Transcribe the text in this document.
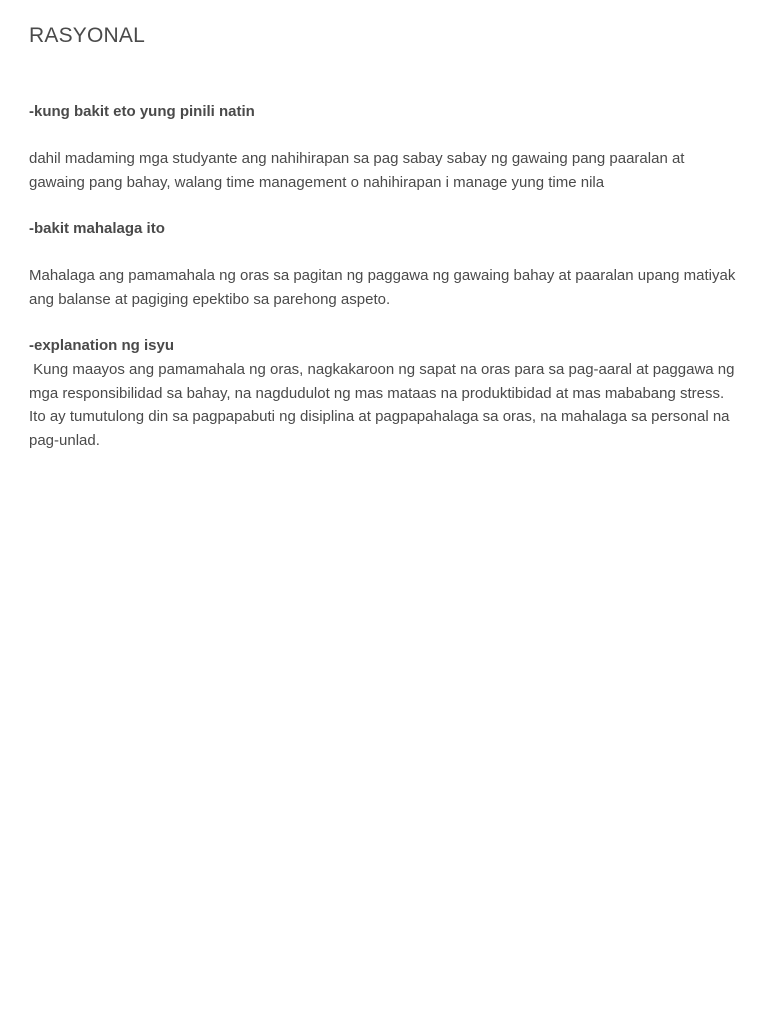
RASYONAL

-kung bakit eto yung pinili natin

dahil madaming mga studyante ang nahihirapan sa pag sabay sabay ng gawaing pang paaralan at gawaing pang bahay, walang time management o nahihirapan i manage yung time nila

-bakit mahalaga ito

Mahalaga ang pamamahala ng oras sa pagitan ng paggawa ng gawaing bahay at paaralan upang matiyak ang balanse at pagiging epektibo sa parehong aspeto.

-explanation ng isyu

Kung maayos ang pamamahala ng oras, nagkakaroon ng sapat na oras para sa pag-aaral at paggawa ng mga responsibilidad sa bahay, na nagdudulot ng mas mataas na produktibidad at mas mababang stress. Ito ay tumutulong din sa pagpapabuti ng disiplina at pagpapahalaga sa oras, na mahalaga sa personal na pag-unlad.
